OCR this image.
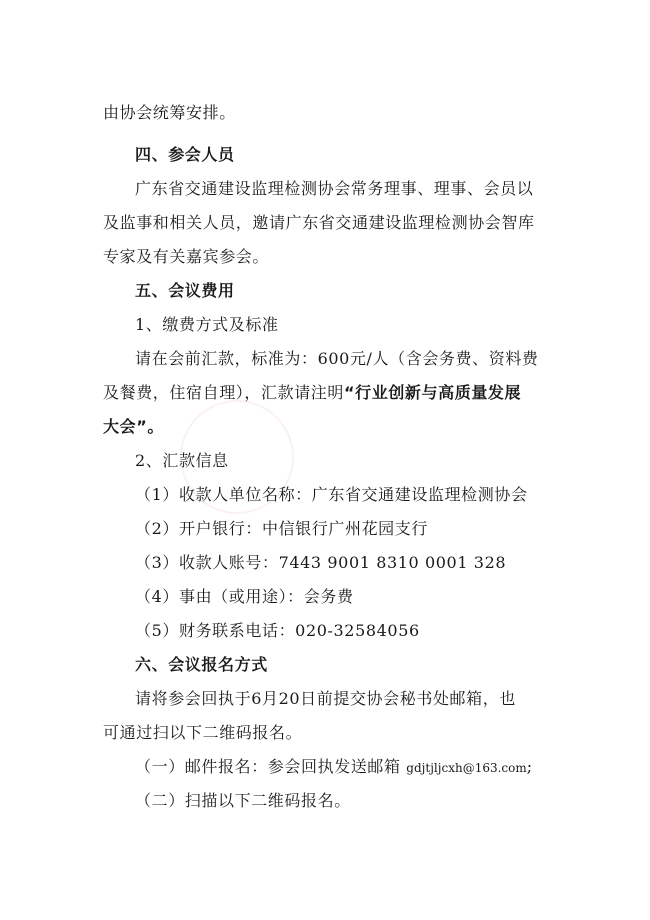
由协会统筹安排。
四、参会人员
广东省交通建设监理检测协会常务理事、理事、会员以
及监事和相关人员，邀请广东省交通建设监理检测协会智库
专家及有关嘉宾参会。
五、会议费用
1、缴费方式及标准
请在会前汇款，标准为：600元/人（含会务费、资料费
及餐费，住宿自理），汇款请注明“行业创新与高质量发展
大会”。
2、汇款信息
（1）收款人单位名称：广东省交通建设监理检测协会
（2）开户银行：中信银行广州花园支行
（3）收款人账号：7443 9001 8310 0001 328
（4）事由（或用途）：会务费
（5）财务联系电话：020-32584056
六、会议报名方式
请将参会回执于6月20日前提交协会秘书处邮箱，也
可通过扫以下二维码报名。
（一）邮件报名：参会回执发送邮箱 gdjtjljcxh@163.com;
（二）扫描以下二维码报名。
